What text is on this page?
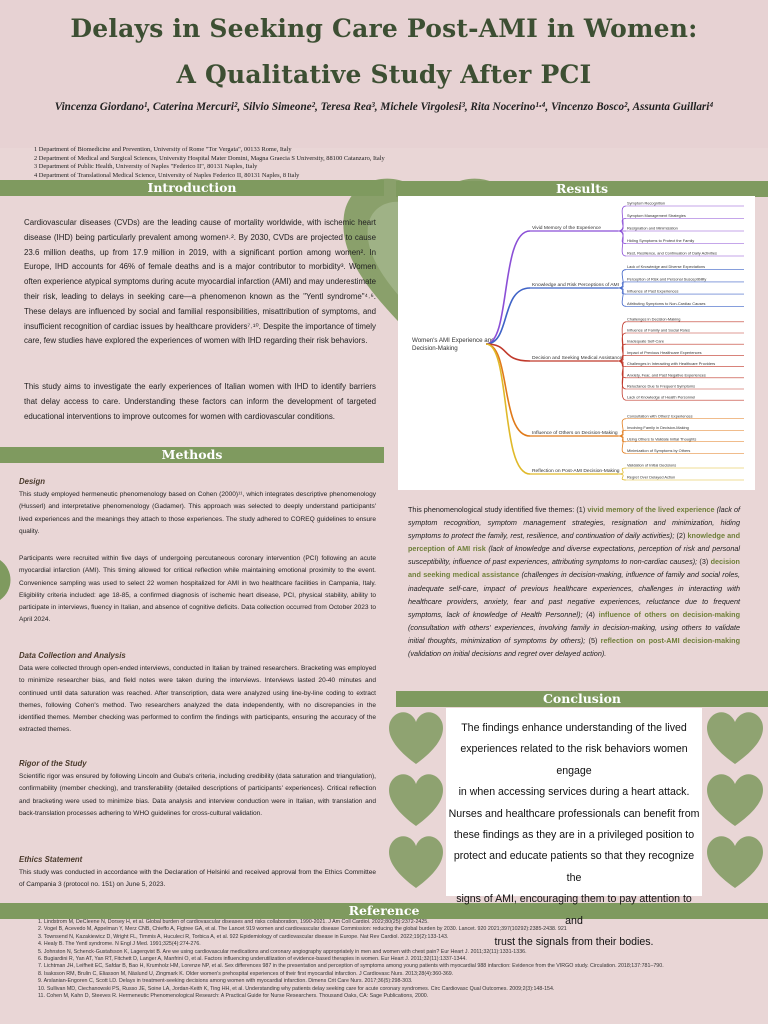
Delays in Seeking Care Post-AMI in Women:
A Qualitative Study After PCI
Vincenza Giordano¹, Caterina Mercuri², Silvio Simeone², Teresa Rea³, Michele Virgolesi³, Rita Nocerino¹·⁴, Vincenzo Bosco², Assunta Guillari⁴
1 Department of Biomedicine and Prevention, University of Rome "Tor Vergata", 00133 Rome, Italy
2 Department of Medical and Surgical Sciences, University Hospital Mater Domini, Magna Graecia S University, 88100 Catanzaro, Italy
3 Department of Public Health, University of Naples "Federico II", 80131 Naples, Italy
4 Department of Translational Medical Science, University of Naples Federico II, 80131 Naples, 8 Italy
Introduction
Methods
Results
Conclusion
Reference
Cardiovascular diseases (CVDs) are the leading cause of mortality worldwide, with ischemic heart disease (IHD) being particularly prevalent among women¹˒². By 2030, CVDs are projected to cause 23.6 million deaths, up from 17.9 million in 2019, with a significant portion among women². In Europe, IHD accounts for 46% of female deaths and is a major contributor to morbidity³. Women often experience atypical symptoms during acute myocardial infarction (AMI) and may underestimate their risk, leading to delays in seeking care—a phenomenon known as the "Yentl syndrome"⁴˒⁶. These delays are influenced by social and familial responsibilities, misattribution of symptoms, and insufficient recognition of cardiac issues by healthcare providers⁷˒¹⁰. Despite the importance of timely care, few studies have explored the experiences of women with IHD regarding their risk behaviors.
This study aims to investigate the early experiences of Italian women with IHD to identify barriers that delay access to care. Understanding these factors can inform the development of targeted educational interventions to improve outcomes for women with cardiovascular conditions.
Design
This study employed hermeneutic phenomenology based on Cohen (2000)¹¹, which integrates descriptive phenomenology (Husserl) and interpretative phenomenology (Gadamer). This approach was selected to deeply understand participants' lived experiences and the meanings they attach to those experiences. The study adhered to COREQ guidelines to ensure quality.
Participants were recruited within five days of undergoing percutaneous coronary intervention (PCI) following an acute myocardial infarction (AMI). This timing allowed for critical reflection while maintaining emotional proximity to the event. Convenience sampling was used to select 22 women hospitalized for AMI in two healthcare facilities in Campania, Italy. Eligibility criteria included: age 18-85, a confirmed diagnosis of ischemic heart disease, PCI, physical stability, ability to participate in interviews, fluency in Italian, and absence of cognitive deficits. Data collection occurred from October 2023 to April 2024.
Data Collection and Analysis
Data were collected through open-ended interviews, conducted in Italian by trained researchers. Bracketing was employed to minimize researcher bias, and field notes were taken during the interviews. Interviews lasted 20-40 minutes and continued until data saturation was reached. After transcription, data were analyzed using line-by-line coding to extract themes, following Cohen's method. Two researchers analyzed the data independently, with no discrepancies in the identified themes. Member checking was performed to confirm the findings with participants, ensuring the accuracy of the extracted themes.
Rigor of the Study
Scientific rigor was ensured by following Lincoln and Guba's criteria, including credibility (data saturation and triangulation), confirmability (member checking), and transferability (detailed descriptions of participants' experiences). Critical reflection and bracketing were used to minimize bias. Data analysis and interview conduction were in Italian, with translation and back-translation processes adhering to WHO guidelines for cross-cultural validation.
Ethics Statement
This study was conducted in accordance with the Declaration of Helsinki and received approval from the Ethics Committee of Campania 3 (protocol no. 151) on June 5, 2023.
Women's AMI Experience and
Decision-Making
Vivid Memory of the Experience
Symptom Recognition
Symptom Management Strategies
Resignation and Minimization
Hiding Symptoms to Protect the Family
Rest, Resilience, and Continuation of Daily Activities
Knowledge and Risk Perceptions of AMI
Lack of Knowledge and Diverse Expectations
Perception of Risk and Personal Susceptibility
Influence of Past Experiences
Attributing Symptoms to Non-Cardiac Causes
Decision and Seeking Medical Assistance
Challenges in Decision-Making
Influence of Family and Social Roles
Inadequate Self-Care
Impact of Previous Healthcare Experiences
Challenges in Interacting with Healthcare Providers
Anxiety, Fear, and Past Negative Experiences
Reluctance Due to Frequent Symptoms
Lack of Knowledge of Health Personnel
Influence of Others on Decision-Making
Consultation with Others' Experiences
Involving Family in Decision-Making
Using Others to Validate Initial Thoughts
Minimization of Symptoms by Others
Reflection on Post-AMI Decision-Making
Validation of Initial Decisions
Regret Over Delayed Action
This phenomenological study identified five themes: (1) vivid memory of the lived experience (lack of symptom recognition, symptom management strategies, resignation and minimization, hiding symptoms to protect the family, rest, resilience, and continuation of daily activities); (2) knowledge and perception of AMI risk (lack of knowledge and diverse expectations, perception of risk and personal susceptibility, influence of past experiences, attributing symptoms to non-cardiac causes); (3) decision and seeking medical assistance (challenges in decision-making, influence of family and social roles, inadequate self-care, impact of previous healthcare experiences, challenges in interacting with healthcare providers, anxiety, fear and past negative experiences, reluctance due to frequent symptoms, lack of knowledge of Health Personnel); (4) influence of others on decision-making (consultation with others' experiences, involving family in decision-making, using others to validate initial thoughts, minimization of symptoms by others); (5) reflection on post-AMI decision-making (validation on initial decisions and regret over delayed action).
The findings enhance understanding of the lived
experiences related to the risk behaviors women engage
in when accessing services during a heart attack.
Nurses and healthcare professionals can benefit from
these findings as they are in a privileged position to
protect and educate patients so that they recognize the
signs of AMI, encouraging them to pay attention to and
trust the signals from their bodies.
1. Lindstrom M, DeCleene N, Dorsey H, et al. Global burden of cardiovascular diseases and risks collaboration, 1990-2021. J Am Coll Cardiol. 2022;80(25):2372-2425.
2. Vogel B, Acevedo M, Appelman Y, Merz CNB, Chieffo A, Figtree GA, et al. The Lancet 919 women and cardiovascular disease Commission: reducing the global burden by 2030. Lancet. 920 2021;397(10292):2385-2438. 921
3. Townsend N, Kazakiewicz D, Wright FL, Timmis A, Huculeci R, Torbica A, et al. 922 Epidemiology of cardiovascular disease in Europe. Nat Rev Cardiol. 2022;19(2):133-143.
4. Healy B. The Yentl syndrome. N Engl J Med. 1991;325(4):274-276.
5. Johnston N, Schenck-Gustafsson K, Lagerqvist B. Are we using cardiovascular medications and coronary angiography appropriately in men and women with chest pain? Eur Heart J. 2011;32(11):1331-1336.
6. Bugiardini R, Yan AT, Yan RT, Fitchett D, Langer A, Manfrini O, et al. Factors influencing underutilization of evidence-based therapies in women. Eur Heart J. 2011;32(11):1337-1344.
7. Lichtman JH, Leifheit EC, Safdar B, Bao H, Krumholz HM, Lorenze NP, et al. Sex differences 987 in the presentation and perception of symptoms among young patients with myocardial 988 infarction: Evidence from the VIRGO study. Circulation. 2018;137:781–790.
8. Isaksson RM, Brulin C, Eliasson M, Näslund U, Zingmark K. Older women's prehospital experiences of their first myocardial infarction. J Cardiovasc Nurs. 2013;28(4):360-369.
9. Arslanian-Engoren C, Scott LD. Delays in treatment-seeking decisions among women with myocardial infarction. Dimens Crit Care Nurs. 2017;36(5):298-303.
10. Sullivan MD, Ciechanowski PS, Russo JE, Soine LA, Jordan-Keith K, Ting HH, et al. Understanding why patients delay seeking care for acute coronary syndromes. Circ Cardiovasc Qual Outcomes. 2009;2(3):148-154.
11. Cohen M, Kahn D, Steeves R. Hermeneutic Phenomenological Research: A Practical Guide for Nurse Researchers. Thousand Oaks, CA: Sage Publications, 2000.
